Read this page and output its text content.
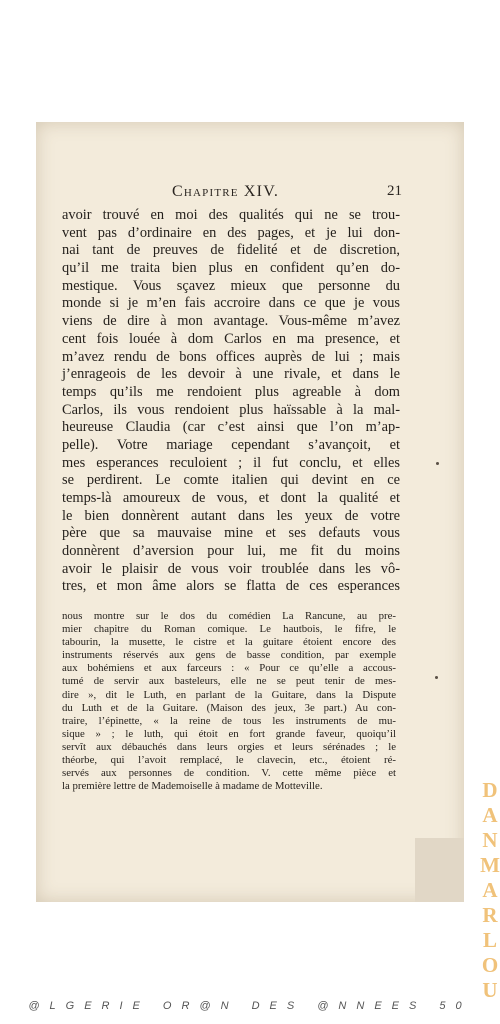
Chapitre XIV.	21
avoir trouvé en moi des qualités qui ne se trou-
vent pas d’ordinaire en des pages, et je lui don-
nai tant de preuves de fidelité et de discretion,
qu’il me traita bien plus en confident qu’en do-
mestique. Vous sçavez mieux que personne du
monde si je m’en fais accroire dans ce que je vous
viens de dire à mon avantage. Vous-même m’avez
cent fois louée à dom Carlos en ma presence, et
m’avez rendu de bons offices auprès de lui ; mais
j’enrageois de les devoir à une rivale, et dans le
temps qu’ils me rendoient plus agreable à dom
Carlos, ils vous rendoient plus haïssable à la mal-
heureuse Claudia (car c’est ainsi que l’on m’ap-
pelle). Votre mariage cependant s’avançoit, et
mes esperances reculoient ; il fut conclu, et elles
se perdirent. Le comte italien qui devint en ce
temps-là amoureux de vous, et dont la qualité et
le bien donnèrent autant dans les yeux de votre
père que sa mauvaise mine et ses defauts vous
donnèrent d’aversion pour lui, me fit du moins
avoir le plaisir de vous voir troublée dans les vô-
tres, et mon âme alors se flatta de ces esperances
nous montre sur le dos du comédien La Rancune, au pre-
mier chapitre du Roman comique. Le hautbois, le fifre, le
tabourin, la musette, le cistre et la guitare étoient encore des
instruments réservés aux gens de basse condition, par exemple
aux bohémiens et aux farceurs : « Pour ce qu’elle a accous-
tumé de servir aux basteleurs, elle ne se peut tenir de mes-
dire », dit le Luth, en parlant de la Guitare, dans la Dispute
du Luth et de la Guitare. (Maison des jeux, 3e part.) Au con-
traire, l’épinette, « la reine de tous les instruments de mu-
sique » ; le luth, qui étoit en fort grande faveur, quoiqu’il
servît aux débauchés dans leurs orgies et leurs sérénades ; le
théorbe, qui l’avoit remplacé, le clavecin, etc., étoient ré-
servés aux personnes de condition. V. cette même pièce et
la première lettre de Mademoiselle à madame de Motteville.	D
A
N
M
A
R
L
O
U
@LGERIE OR@N DES @NNEES 50
